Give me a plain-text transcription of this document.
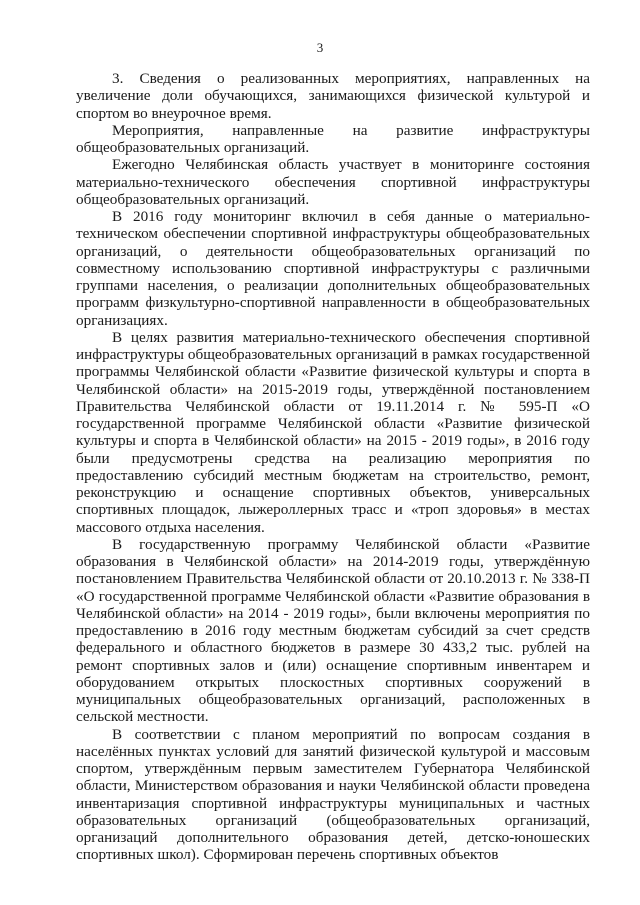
3

3. Сведения о реализованных мероприятиях, направленных на увеличение доли обучающихся, занимающихся физической культурой и спортом во внеурочное время.

Мероприятия, направленные на развитие инфраструктуры общеобразовательных организаций.

Ежегодно Челябинская область участвует в мониторинге состояния материально-технического обеспечения спортивной инфраструктуры общеобразовательных организаций.

В 2016 году мониторинг включил в себя данные о материально-техническом обеспечении спортивной инфраструктуры общеобразовательных организаций, о деятельности общеобразовательных организаций по совместному использованию спортивной инфраструктуры с различными группами населения, о реализации дополнительных общеобразовательных программ физкультурно-спортивной направленности в общеобразовательных организациях.

В целях развития материально-технического обеспечения спортивной инфраструктуры общеобразовательных организаций в рамках государственной программы Челябинской области «Развитие физической культуры и спорта в Челябинской области» на 2015-2019 годы, утверждённой постановлением Правительства Челябинской области от 19.11.2014 г. № 595-П «О государственной программе Челябинской области «Развитие физической культуры и спорта в Челябинской области» на 2015 - 2019 годы», в 2016 году были предусмотрены средства на реализацию мероприятия по предоставлению субсидий местным бюджетам на строительство, ремонт, реконструкцию и оснащение спортивных объектов, универсальных спортивных площадок, лыжероллерных трасс и «троп здоровья» в местах массового отдыха населения.

В государственную программу Челябинской области «Развитие образования в Челябинской области» на 2014-2019 годы, утверждённую постановлением Правительства Челябинской области от 20.10.2013 г. № 338-П «О государственной программе Челябинской области «Развитие образования в Челябинской области» на 2014 - 2019 годы», были включены мероприятия по предоставлению в 2016 году местным бюджетам субсидий за счет средств федерального и областного бюджетов в размере 30 433,2 тыс. рублей на ремонт спортивных залов и (или) оснащение спортивным инвентарем и оборудованием открытых плоскостных спортивных сооружений в муниципальных общеобразовательных организаций, расположенных в сельской местности.

В соответствии с планом мероприятий по вопросам создания в населённых пунктах условий для занятий физической культурой и массовым спортом, утверждённым первым заместителем Губернатора Челябинской области, Министерством образования и науки Челябинской области проведена инвентаризация спортивной инфраструктуры муниципальных и частных образовательных организаций (общеобразовательных организаций, организаций дополнительного образования детей, детско-юношеских спортивных школ). Сформирован перечень спортивных объектов
